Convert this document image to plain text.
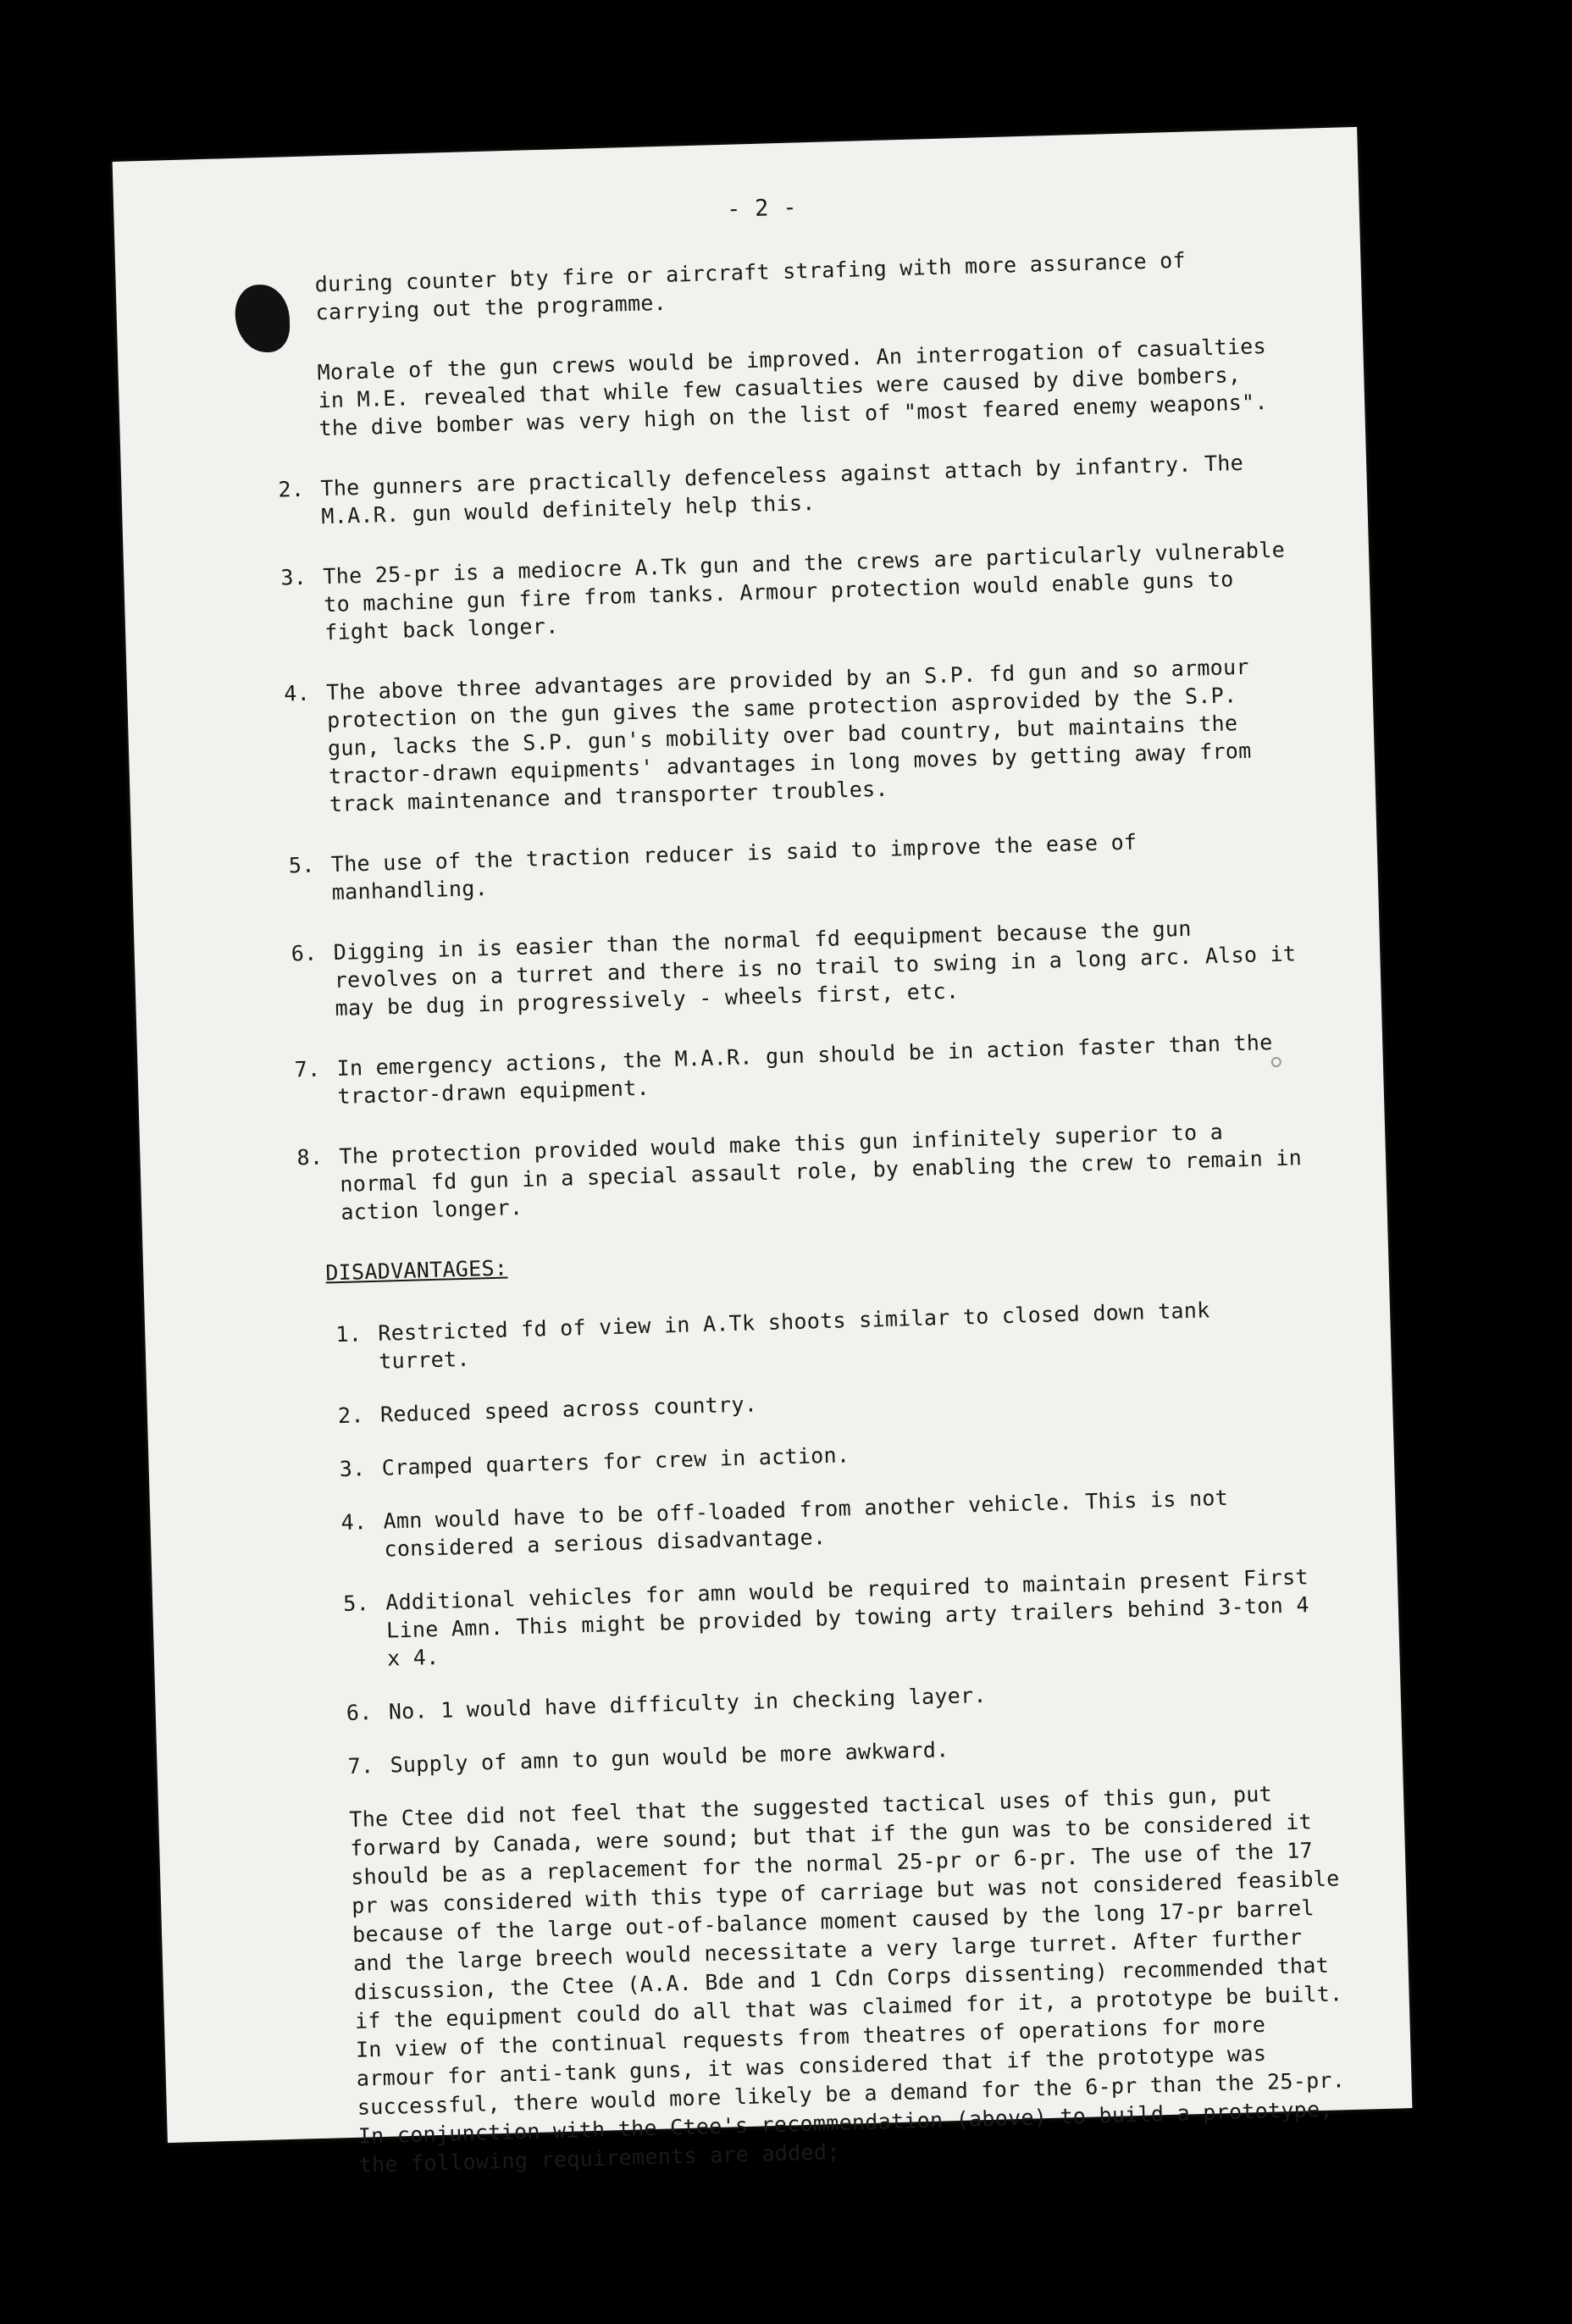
- 2 -
during counter bty fire or aircraft strafing with more assurance of carrying out the programme.
Morale of the gun crews would be improved. An interrogation of casualties in M.E. revealed that while few casualties were caused by dive bombers, the dive bomber was very high on the list of "most feared enemy weapons".
2. The gunners are practically defenceless against attach by infantry. The M.A.R. gun would definitely help this.
3. The 25-pr is a mediocre A.Tk gun and the crews are particularly vulnerable to machine gun fire from tanks. Armour protection would enable guns to fight back longer.
4. The above three advantages are provided by an S.P. fd gun and so armour protection on the gun gives the same protection asprovided by the S.P. gun, lacks the S.P. gun's mobility over bad country, but maintains the tractor-drawn equipments' advantages in long moves by getting away from track maintenance and transporter troubles.
5. The use of the traction reducer is said to improve the ease of manhandling.
6. Digging in is easier than the normal fd eequipment because the gun revolves on a turret and there is no trail to swing in a long arc. Also it may be dug in progressively - wheels first, etc.
7. In emergency actions, the M.A.R. gun should be in action faster than the tractor-drawn equipment.
8. The protection provided would make this gun infinitely superior to a normal fd gun in a special assault role, by enabling the crew to remain in action longer.
DISADVANTAGES:
1. Restricted fd of view in A.Tk shoots similar to closed down tank turret.
2. Reduced speed across country.
3. Cramped quarters for crew in action.
4. Amn would have to be off-loaded from another vehicle. This is not considered a serious disadvantage.
5. Additional vehicles for amn would be required to maintain present First Line Amn. This might be provided by towing arty trailers behind 3-ton 4 x 4.
6. No. 1 would have difficulty in checking layer.
7. Supply of amn to gun would be more awkward.
The Ctee did not feel that the suggested tactical uses of this gun, put forward by Canada, were sound; but that if the gun was to be considered it should be as a replacement for the normal 25-pr or 6-pr. The use of the 17 pr was considered with this type of carriage but was not considered feasible because of the large out-of-balance moment caused by the long 17-pr barrel and the large breech would necessitate a very large turret. After further discussion, the Ctee (A.A. Bde and 1 Cdn Corps dissenting) recommended that if the equipment could do all that was claimed for it, a prototype be built. In view of the continual requests from theatres of operations for more armour for anti-tank guns, it was considered that if the prototype was successful, there would more likely be a demand for the 6-pr than the 25-pr. In conjunction with the Ctee's recommendation (above) to build a prototype, the following requirements are added;
